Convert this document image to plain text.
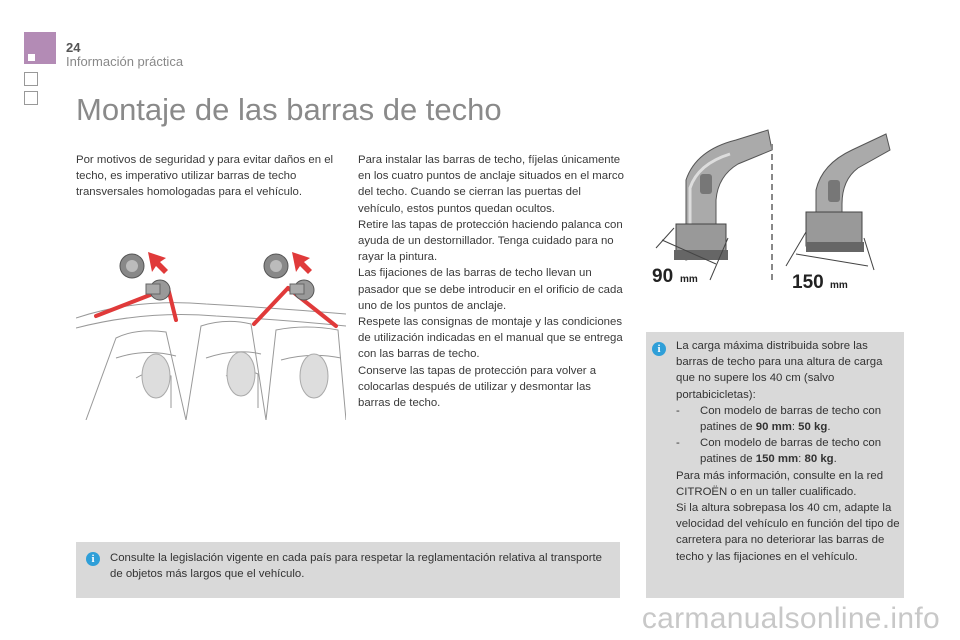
24
Información práctica
Montaje de las barras de techo
Por motivos de seguridad y para evitar daños en el techo, es imperativo utilizar barras de techo transversales homologadas para el vehículo.

Para instalar las barras de techo, fíjelas únicamente en los cuatro puntos de anclaje situados en el marco del techo. Cuando se cierran las puertas del vehículo, estos puntos quedan ocultos.

Retire las tapas de protección haciendo palanca con ayuda de un destornillador. Tenga cuidado para no rayar la pintura.

Las fijaciones de las barras de techo llevan un pasador que se debe introducir en el orificio de cada uno de los puntos de anclaje.

Respete las consignas de montaje y las condiciones de utilización indicadas en el manual que se entrega con las barras de techo.

Conserve las tapas de protección para volver a colocarlas después de utilizar y desmontar las barras de techo.

90 mm	150 mm
i	Consulte la legislación vigente en cada país para respetar la reglamentación relativa al transporte de objetos más largos que el vehículo.
i	La carga máxima distribuida sobre las barras de techo para una altura de carga que no supere los 40 cm (salvo portabicicletas):

-	Con modelo de barras de techo con patines de 90 mm: 50 kg.
-	Con modelo de barras de techo con patines de 150 mm: 80 kg.

Para más información, consulte en la red CITROËN o en un taller cualificado.

Si la altura sobrepasa los 40 cm, adapte la velocidad del vehículo en función del tipo de carretera para no deteriorar las barras de techo y las fijaciones en el vehículo.

carmanualsonline.info
